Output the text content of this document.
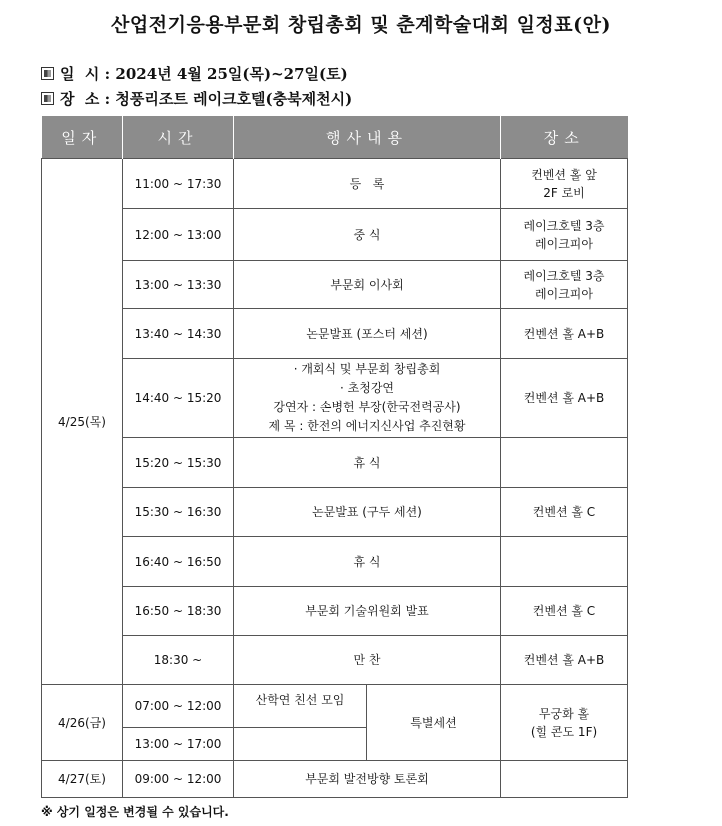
산업전기응용부문회 창립총회 및 춘계학술대회 일정표(안)
일  시 : 2024년 4월 25일(목)~27일(토)
장  소 : 청풍리조트 레이크호텔(충북제천시)
일자	시간	행사내용		장소
4/25(목)	11:00 ~ 17:30	등   록		컨벤션 홀 앞
2F 로비
	12:00 ~ 13:00	중 식		레이크호텔 3층
레이크피아
	13:00 ~ 13:30	부문회 이사회		레이크호텔 3층
레이크피아
	13:40 ~ 14:30	논문발표 (포스터 세션)		컨벤션 홀 A+B
	14:40 ~ 15:20	· 개회식 및 부문회 창립총회
· 초청강연
강연자 : 손병헌 부장(한국전력공사)
제 목 : 한전의 에너지신사업 추진현황		컨벤션 홀 A+B
	15:20 ~ 15:30	휴 식		
	15:30 ~ 16:30	논문발표 (구두 세션)		컨벤션 홀 C
	16:40 ~ 16:50	휴 식		
	16:50 ~ 18:30	부문회 기술위원회 발표		컨벤션 홀 C
	18:30 ~	만 찬		컨벤션 홀 A+B
4/26(금)	07:00 ~ 12:00	산학연 친선 모임	특별세션	무궁화 홀
(힐 콘도 1F)
	13:00 ~ 17:00			
4/27(토)	09:00 ~ 12:00	부문회 발전방향 토론회		
※ 상기 일정은 변경될 수 있습니다.
